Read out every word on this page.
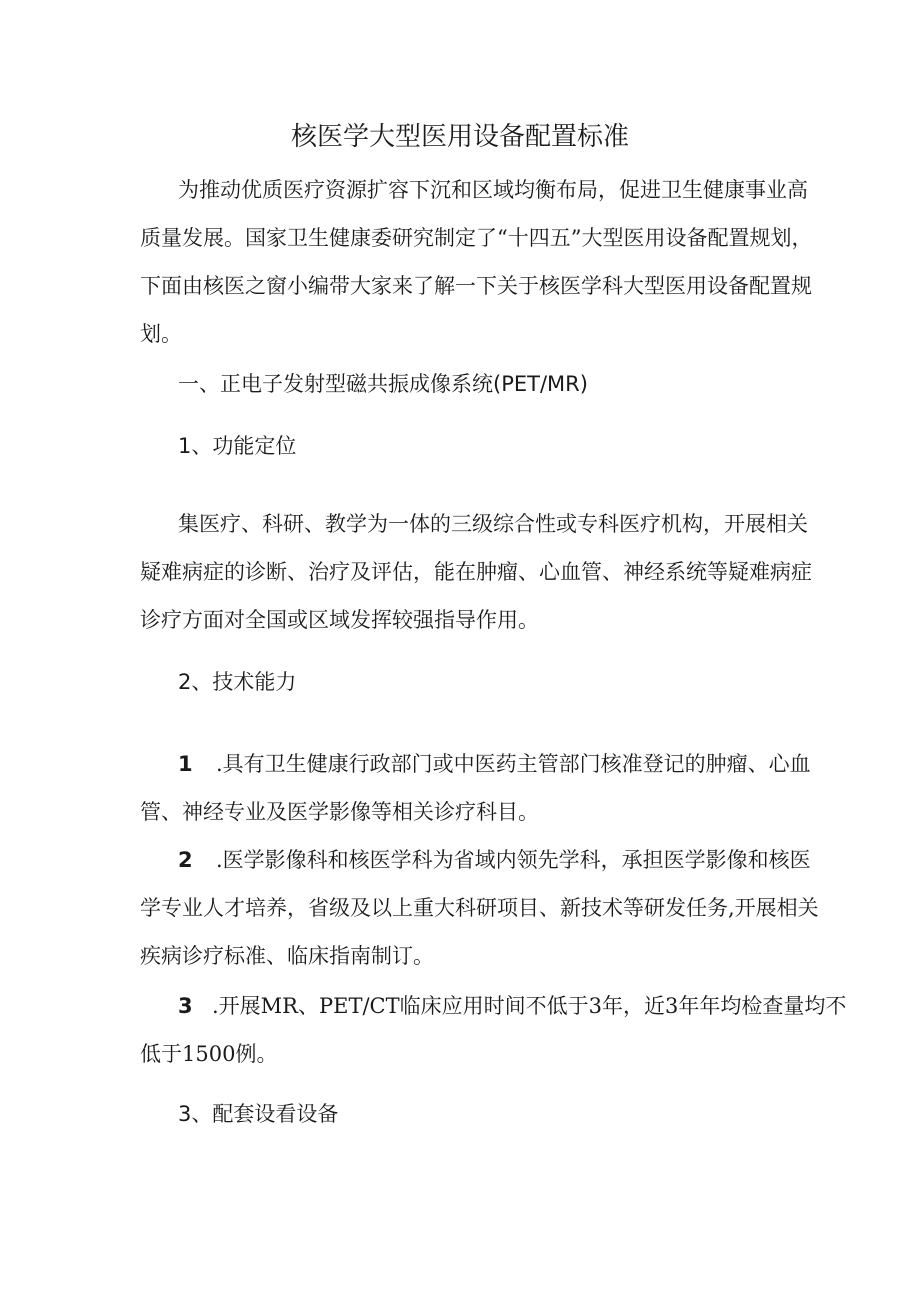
核医学大型医用设备配置标准
为推动优质医疗资源扩容下沉和区域均衡布局，促进卫生健康事业高
质量发展。国家卫生健康委研究制定了“十四五”大型医用设备配置规划，
下面由核医之窗小编带大家来了解一下关于核医学科大型医用设备配置规
划。
一、正电子发射型磁共振成像系统(PET/MR)
1、功能定位
集医疗、科研、教学为一体的三级综合性或专科医疗机构，开展相关
疑难病症的诊断、治疗及评估，能在肿瘤、心血管、神经系统等疑难病症
诊疗方面对全国或区域发挥较强指导作用。
2、技术能力
1 .具有卫生健康行政部门或中医药主管部门核准登记的肿瘤、心血
管、神经专业及医学影像等相关诊疗科目。
2 .医学影像科和核医学科为省域内领先学科，承担医学影像和核医
学专业人才培养，省级及以上重大科研项目、新技术等研发任务,开展相关
疾病诊疗标准、临床指南制订。
3 .开展MR、PET/CT临床应用时间不低于3年，近3年年均检查量均不
低于1500例。
3、配套设看设备
